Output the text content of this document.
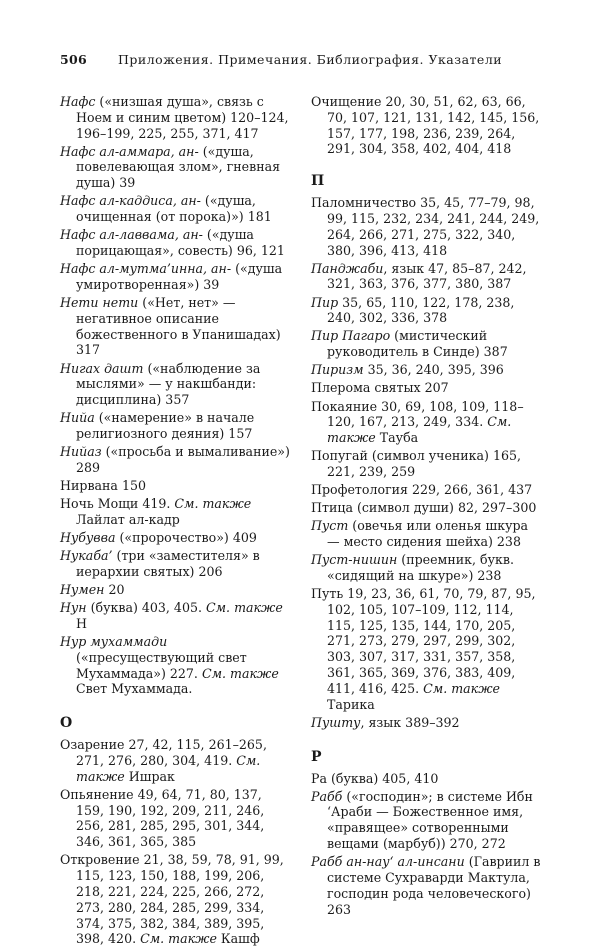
506 Приложения. Примечания. Библиография. Указатели
Нафс («низшая душа», связь с Ноем и синим цветом) 120–124, 196–199, 225, 255, 371, 417
Нафс ал-аммара, ан- («душа, повелевающая злом», гневная душа) 39
Нафс ал-каддиса, ан- («душа, очищенная (от порока)») 181
Нафс ал-лаввама, ан- («душа порицающая», совесть) 96, 121
Нафс ал-мутма’инна, ан- («душа умиротворенная») 39
Нети нети («Нет, нет» — негативное описание божественного в Упанишадах) 317
Нигах дашт («наблюдение за мыслями» — у накшбанди: дисциплина) 357
Нийа («намерение» в начале религиозного деяния) 157
Нийаз («просьба и вымаливание») 289
Нирвана 150
Ночь Мощи 419. См. также Лайлат ал-кадр
Нубувва («пророчество») 409
Нукаба’ (три «заместителя» в иерархии святых) 206
Нумен 20
Нун (буква) 403, 405. См. также Н
Нур мухаммади («пресуществующий свет Мухаммада») 227. См. также Свет Мухаммада.
О
Озарение 27, 42, 115, 261–265, 271, 276, 280, 304, 419. См. также Ишрак
Опьянение 49, 64, 71, 80, 137, 159, 190, 192, 209, 211, 246, 256, 281, 285, 295, 301, 344, 346, 361, 365, 385
Откровение 21, 38, 59, 78, 91, 99, 115, 123, 150, 188, 199, 206, 218, 221, 224, 225, 266, 272, 273, 280, 284, 285, 299, 334, 374, 375, 382, 384, 389, 395, 398, 420. См. также Кашф
Очищение 20, 30, 51, 62, 63, 66, 70, 107, 121, 131, 142, 145, 156, 157, 177, 198, 236, 239, 264, 291, 304, 358, 402, 404, 418
П
Паломничество 35, 45, 77–79, 98, 99, 115, 232, 234, 241, 244, 249, 264, 266, 271, 275, 322, 340, 380, 396, 413, 418
Панджаби, язык 47, 85–87, 242, 321, 363, 376, 377, 380, 387
Пир 35, 65, 110, 122, 178, 238, 240, 302, 336, 378
Пир Пагаро (мистический руководитель в Синде) 387
Пиризм 35, 36, 240, 395, 396
Плерома святых 207
Покаяние 30, 69, 108, 109, 118–120, 167, 213, 249, 334. См. также Тауба
Попугай (символ ученика) 165, 221, 239, 259
Профетология 229, 266, 361, 437
Птица (символ души) 82, 297–300
Пуст (овечья или оленья шкура — место сидения шейха) 238
Пуст-нишин (преемник, букв. «сидящий на шкуре») 238
Путь 19, 23, 36, 61, 70, 79, 87, 95, 102, 105, 107–109, 112, 114, 115, 125, 135, 144, 170, 205, 271, 273, 279, 297, 299, 302, 303, 307, 317, 331, 357, 358, 361, 365, 369, 376, 383, 409, 411, 416, 425. См. также Тарика
Пушту, язык 389–392
Р
Ра (буква) 405, 410
Рабб («господин»; в системе Ибн ‘Араби — Божественное имя, «правящее» сотворенными вещами (марбуб)) 270, 272
Рабб ан-нау‘ ал-инсани (Гавриил в системе Сухраварди Мактула, господин рода человеческого) 263
